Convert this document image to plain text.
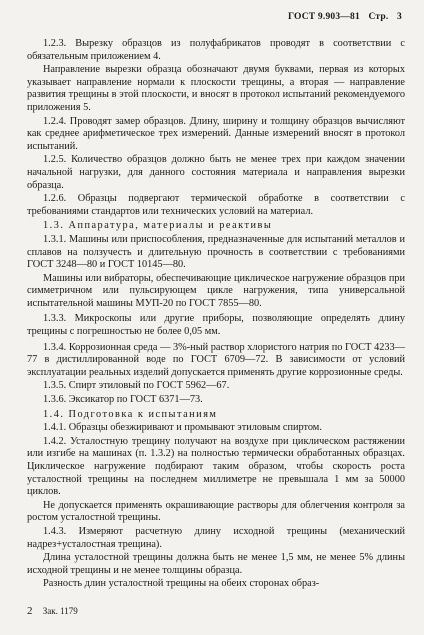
ГОСТ 9.903—81 Стр. 3

1.2.3. Вырезку образцов из полуфабрикатов проводят в соответствии с обязательным приложением 4.

Направление вырезки образца обозначают двумя буквами, первая из которых указывает направление нормали к плоскости трещины, а вторая — направление развития трещины в этой плоскости, и вносят в протокол испытаний рекомендуемого приложения 5.

1.2.4. Проводят замер образцов. Длину, ширину и толщину образцов вычисляют как среднее арифметическое трех измерений. Данные измерений вносят в протокол испытаний.

1.2.5. Количество образцов должно быть не менее трех при каждом значении начальной нагрузки, для данного состояния материала и направления вырезки образца.

1.2.6. Образцы подвергают термической обработке в соответствии с требованиями стандартов или технических условий на материал.

1.3. Аппаратура, материалы и реактивы

1.3.1. Машины или приспособления, предназначенные для испытаний металлов и сплавов на ползучесть и длительную прочность в соответствии с требованиями ГОСТ 3248—80 и ГОСТ 10145—80.

Машины или вибраторы, обеспечивающие циклическое нагружение образцов при симметричном или пульсирующем цикле нагружения, типа универсальной испытательной машины МУП-20 по ГОСТ 7855—80.

1.3.3. Микроскопы или другие приборы, позволяющие определять длину трещины с погрешностью не более 0,05 мм.

1.3.4. Коррозионная среда — 3%-ный раствор хлористого натрия по ГОСТ 4233—77 в дистиллированной воде по ГОСТ 6709—72. В зависимости от условий эксплуатации реальных изделий допускается применять другие коррозионные среды.

1.3.5. Спирт этиловый по ГОСТ 5962—67.

1.3.6. Эксикатор по ГОСТ 6371—73.

1.4. Подготовка к испытаниям

1.4.1. Образцы обезжиривают и промывают этиловым спиртом.

1.4.2. Усталостную трещину получают на воздухе при циклическом растяжении или изгибе на машинах (п. 1.3.2) на полностью термически обработанных образцах. Циклическое нагружение подбирают таким образом, чтобы скорость роста усталостной трещины на последнем миллиметре не превышала 1 мм за 50000 циклов.

Не допускается применять окрашивающие растворы для облегчения контроля за ростом усталостной трещины.

1.4.3. Измеряют расчетную длину исходной трещины (механический надрез+усталостная трещина).

Длина усталостной трещины должна быть не менее 1,5 мм, не менее 5% длины исходной трещины и не менее толщины образца.

Разность длин усталостной трещины на обеих сторонах образ-

2 Зак. 1179
